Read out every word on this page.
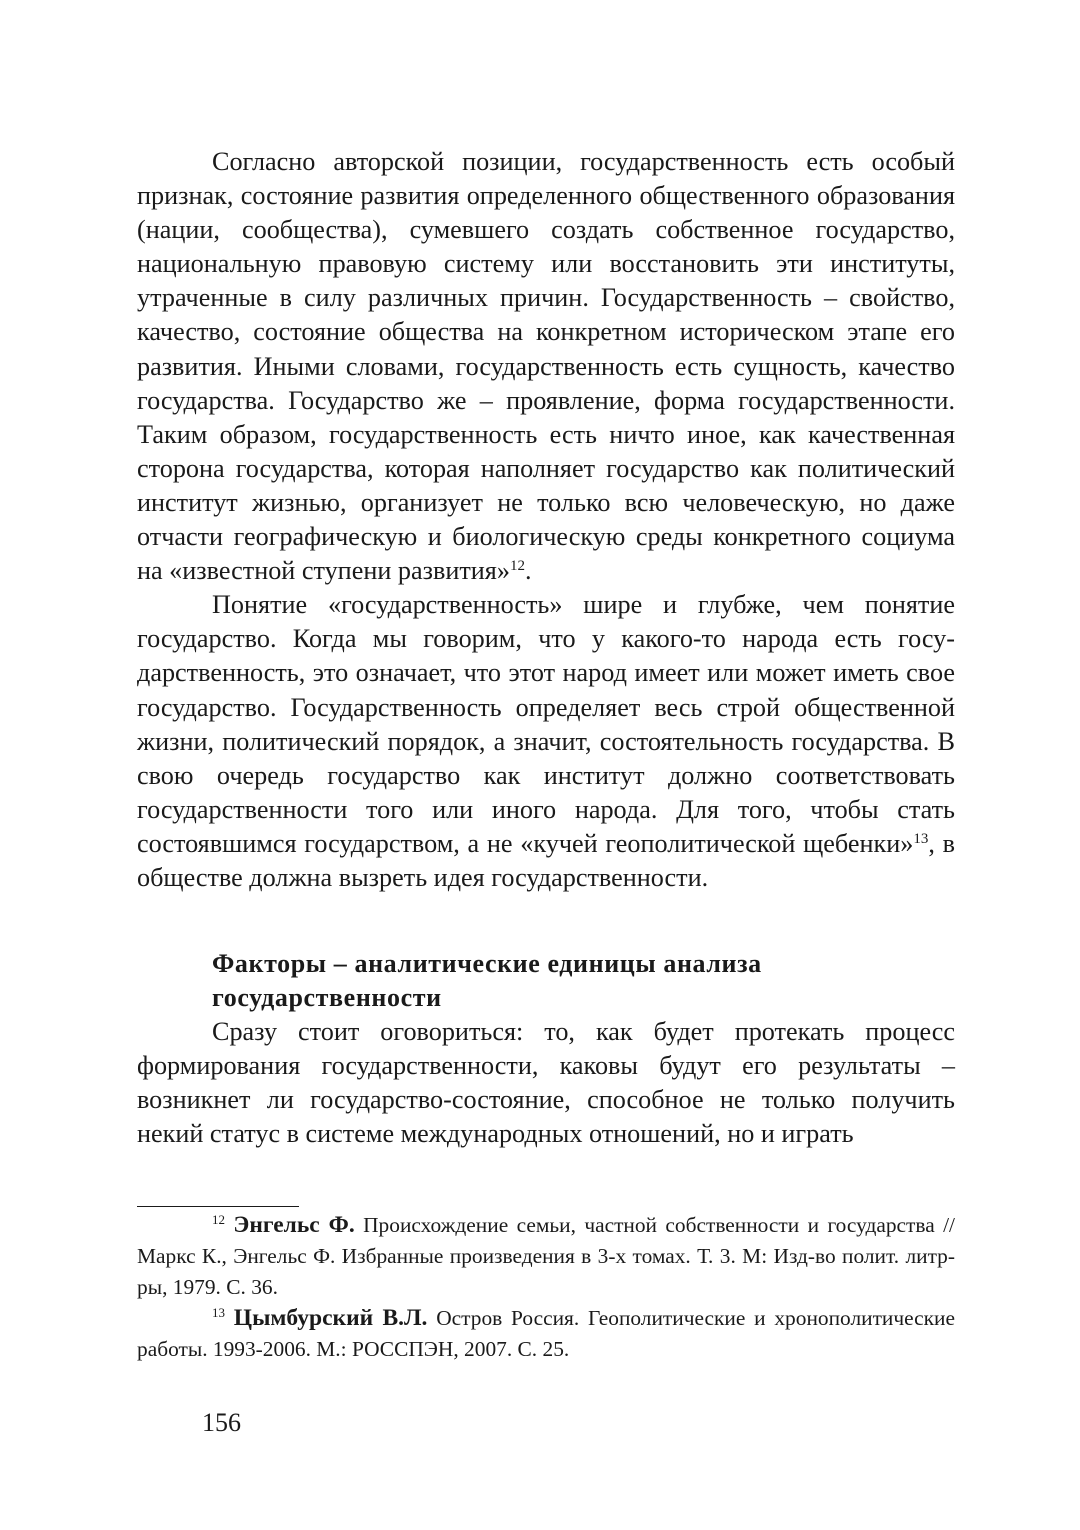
Согласно авторской позиции, государственность есть особый признак, состояние развития определенного общественного образования (нации, сообщества), сумевшего создать собственное государство, национальную правовую систему или восстановить эти институты, утраченные в силу различных причин. Государственность – свойство, качество, состояние общества на конкретном историческом этапе его развития. Иными словами, государственность есть сущность, качество государства. Государство же – проявление, форма государственности. Таким образом, государственность есть ничто иное, как качественная сторона государства, которая наполняет государство как политический институт жизнью, организует не только всю человеческую, но даже отчасти географическую и биологическую среды конкретного социума на «известной ступени развития»$^{12}$.

Понятие «государственность» шире и глубже, чем понятие государство. Когда мы говорим, что у какого-то народа есть государственность, это означает, что этот народ имеет или может иметь свое государство. Государственность определяет весь строй общественной жизни, политический порядок, а значит, состоятельность государства. В свою очередь государство как институт должно соответствовать государственности того или иного народа. Для того, чтобы стать состоявшимся государством, а не «кучей геополитической щебенки»$^{13}$, в обществе должна вызреть идея государственности.

Факторы – аналитические единицы анализа
государственности

Сразу стоит оговориться: то, как будет протекать процесс формирования государственности, каковы будут его результаты – возникнет ли государство-состояние, способное не только получить некий статус в системе международных отношений, но и играть

$^{12}$ Энгельс Ф. Происхождение семьи, частной собственности и государства // Маркс К., Энгельс Ф. Избранные произведения в 3-х томах. Т. 3. М: Изд-во полит. литр-ры, 1979. С. 36.

$^{13}$ Цымбурский В.Л. Остров Россия. Геополитические и хронополитические работы. 1993-2006. М.: РОССПЭН, 2007. С. 25.

156
